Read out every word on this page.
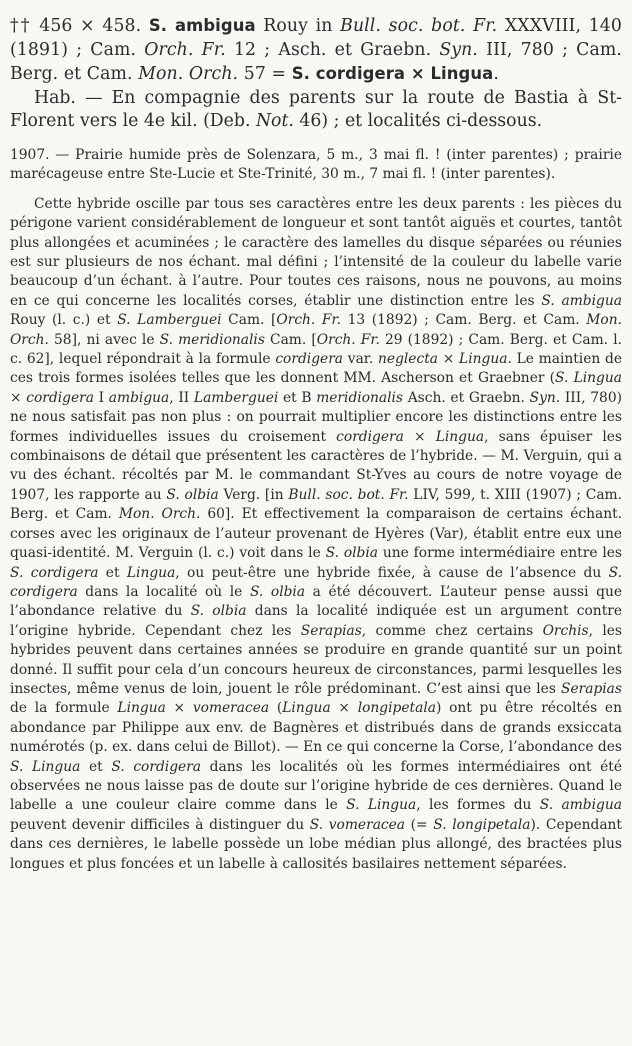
†† 456 × 458. S. ambigua Rouy in Bull. soc. bot. Fr. XXXVIII, 140 (1891) ; Cam. Orch. Fr. 12 ; Asch. et Graebn. Syn. III, 780 ; Cam. Berg. et Cam. Mon. Orch. 57 = S. cordigera × Lingua.

Hab. — En compagnie des parents sur la route de Bastia à St-Florent vers le 4e kil. (Deb. Not. 46) ; et localités ci-dessous.

1907. — Prairie humide près de Solenzara, 5 m., 3 mai fl. ! (inter parentes) ; prairie marécageuse entre Ste-Lucie et Ste-Trinité, 30 m., 7 mai fl. ! (inter parentes).

Cette hybride oscille par tous ses caractères entre les deux parents : les pièces du périgone varient considérablement de longueur et sont tantôt aiguës et courtes, tantôt plus allongées et acuminées ; le caractère des lamelles du disque séparées ou réunies est sur plusieurs de nos échant. mal défini ; l’intensité de la couleur du labelle varie beaucoup d’un échant. à l’autre. Pour toutes ces raisons, nous ne pouvons, au moins en ce qui concerne les localités corses, établir une distinction entre les S. ambigua Rouy (l. c.) et S. Lamberguei Cam. [Orch. Fr. 13 (1892) ; Cam. Berg. et Cam. Mon. Orch. 58], ni avec le S. meridionalis Cam. [Orch. Fr. 29 (1892) ; Cam. Berg. et Cam. l. c. 62], lequel répondrait à la formule cordigera var. neglecta × Lingua. Le maintien de ces trois formes isolées telles que les donnent MM. Ascherson et Graebner (S. Lingua × cordigera I ambigua, II Lamberguei et B meridionalis Asch. et Graebn. Syn. III, 780) ne nous satisfait pas non plus : on pourrait multiplier encore les distinctions entre les formes individuelles issues du croisement cordigera × Lingua, sans épuiser les combinaisons de détail que présentent les caractères de l’hybride. — M. Verguin, qui a vu des échant. récoltés par M. le commandant St-Yves au cours de notre voyage de 1907, les rapporte au S. olbia Verg. [in Bull. soc. bot. Fr. LIV, 599, t. XIII (1907) ; Cam. Berg. et Cam. Mon. Orch. 60]. Et effectivement la comparaison de certains échant. corses avec les originaux de l’auteur provenant de Hyères (Var), établit entre eux une quasi-identité. M. Verguin (l. c.) voit dans le S. olbia une forme intermédiaire entre les S. cordigera et Lingua, ou peut-être une hybride fixée, à cause de l’absence du S. cordigera dans la localité où le S. olbia a été découvert. L’auteur pense aussi que l’abondance relative du S. olbia dans la localité indiquée est un argument contre l’origine hybride. Cependant chez les Serapias, comme chez certains Orchis, les hybrides peuvent dans certaines années se produire en grande quantité sur un point donné. Il suffit pour cela d’un concours heureux de circonstances, parmi lesquelles les insectes, même venus de loin, jouent le rôle prédominant. C’est ainsi que les Serapias de la formule Lingua × vomeracea (Lingua × longipetala) ont pu être récoltés en abondance par Philippe aux env. de Bagnères et distribués dans de grands exsiccata numérotés (p. ex. dans celui de Billot). — En ce qui concerne la Corse, l’abondance des S. Lingua et S. cordigera dans les localités où les formes intermédiaires ont été observées ne nous laisse pas de doute sur l’origine hybride de ces dernières. Quand le labelle a une couleur claire comme dans le S. Lingua, les formes du S. ambigua peuvent devenir difficiles à distinguer du S. vomeracea (= S. longipetala). Cependant dans ces dernières, le labelle possède un lobe médian plus allongé, des bractées plus longues et plus foncées et un labelle à callosités basilaires nettement séparées.
